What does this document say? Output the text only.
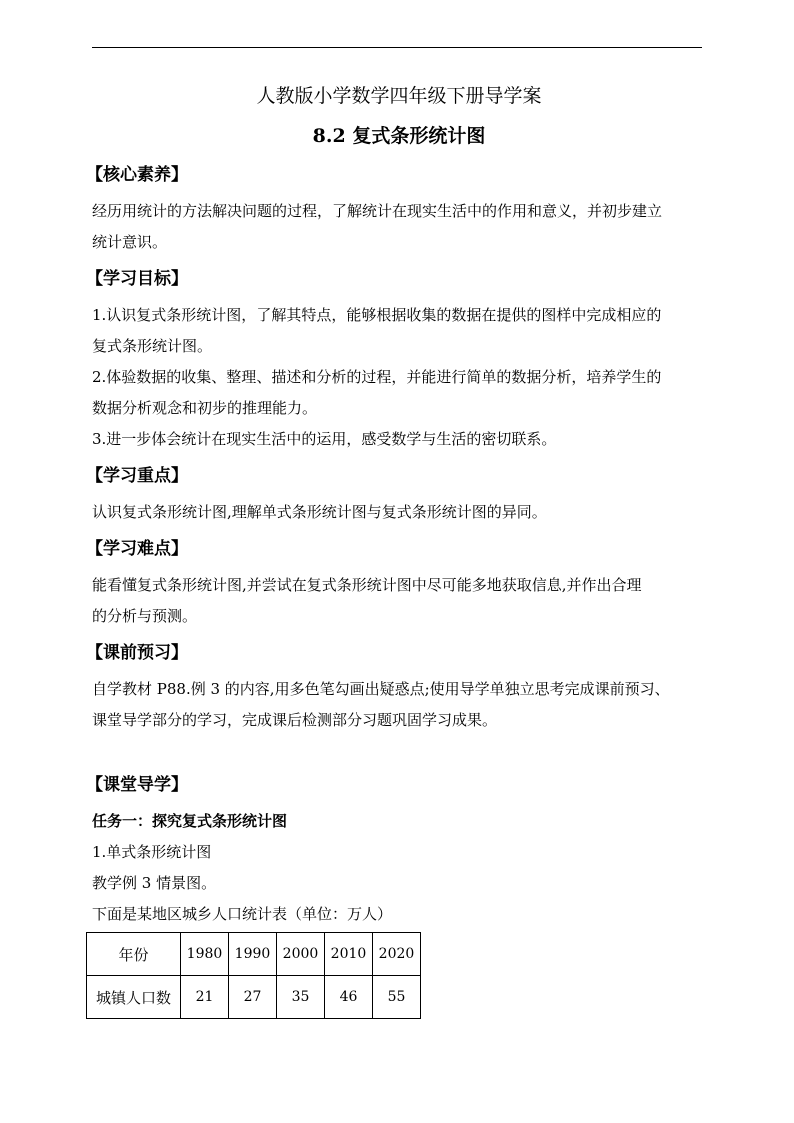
人教版小学数学四年级下册导学案

8.2 复式条形统计图

【核心素养】

经历用统计的方法解决问题的过程，了解统计在现实生活中的作用和意义，并初步建立

统计意识。

【学习目标】

1.认识复式条形统计图，了解其特点，能够根据收集的数据在提供的图样中完成相应的

复式条形统计图。

2.体验数据的收集、整理、描述和分析的过程，并能进行简单的数据分析，培养学生的

数据分析观念和初步的推理能力。

3.进一步体会统计在现实生活中的运用，感受数学与生活的密切联系。

【学习重点】

认识复式条形统计图,理解单式条形统计图与复式条形统计图的异同。

【学习难点】

能看懂复式条形统计图,并尝试在复式条形统计图中尽可能多地获取信息,并作出合理

的分析与预测。

【课前预习】

自学教材 P88.例 3 的内容,用多色笔勾画出疑惑点;使用导学单独立思考完成课前预习、

课堂导学部分的学习，完成课后检测部分习题巩固学习成果。

【课堂导学】

任务一：探究复式条形统计图

1.单式条形统计图

教学例 3 情景图。

下面是某地区城乡人口统计表（单位：万人）

年份	1980	1990	2000	2010	2020
城镇人口数	21	27	35	46	55
